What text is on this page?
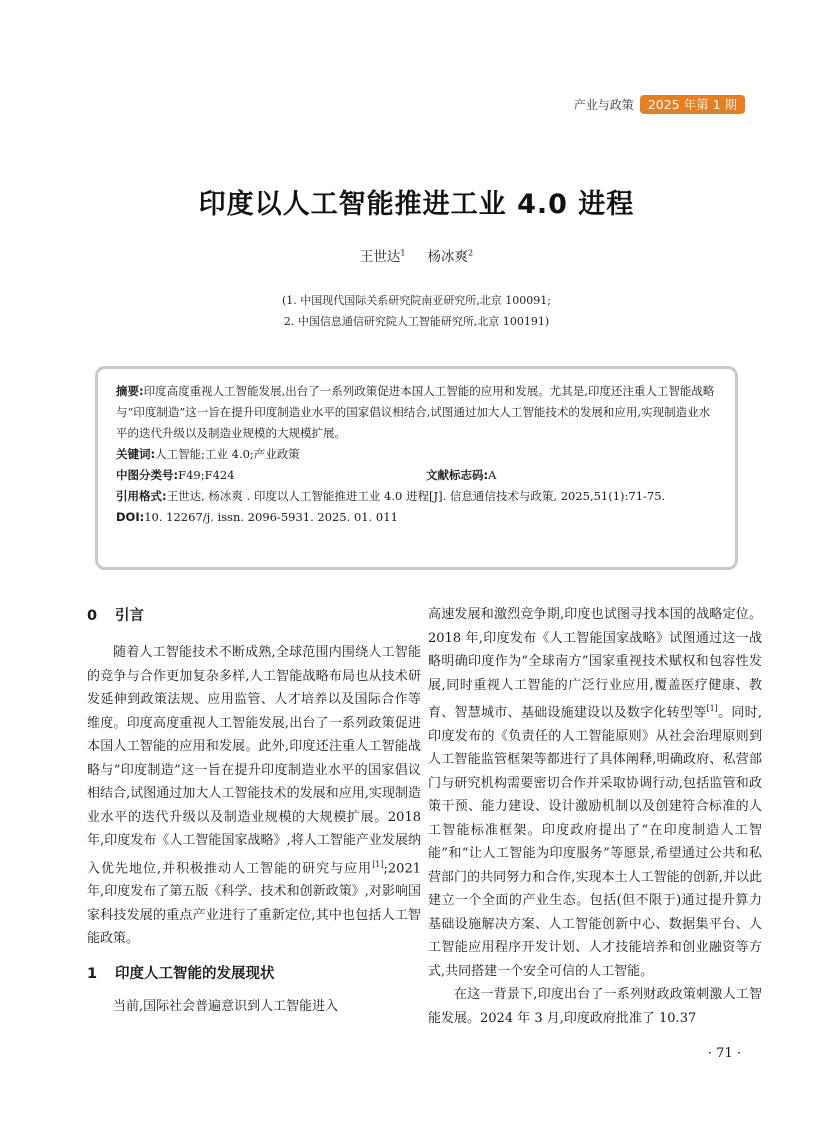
产业与政策	2025 年第 1 期
印度以人工智能推进工业 4.0 进程
王世达$^1$ 杨冰爽$^2$
(1. 中国现代国际关系研究院南亚研究所,北京 100091;
2. 中国信息通信研究院人工智能研究所,北京 100191)

摘要:印度高度重视人工智能发展,出台了一系列政策促进本国人工智能的应用和发展。尤其是,印度还注重人工智能战略与“印度制造”这一旨在提升印度制造业水平的国家倡议相结合,试图通过加大人工智能技术的发展和应用,实现制造业水平的迭代升级以及制造业规模的大规模扩展。

关键词:人工智能;工业 4.0;产业政策

中图分类号:F49;F424	文献标志码:A

引用格式:王世达, 杨冰爽 . 印度以人工智能推进工业 4.0 进程[J]. 信息通信技术与政策, 2025,51(1):71-75.

DOI:10. 12267/j. issn. 2096-5931. 2025. 01. 011

0 引言

随着人工智能技术不断成熟,全球范围内围绕人工智能的竞争与合作更加复杂多样,人工智能战略布局也从技术研发延伸到政策法规、应用监管、人才培养以及国际合作等维度。印度高度重视人工智能发展,出台了一系列政策促进本国人工智能的应用和发展。此外,印度还注重人工智能战略与“印度制造”这一旨在提升印度制造业水平的国家倡议相结合,试图通过加大人工智能技术的发展和应用,实现制造业水平的迭代升级以及制造业规模的大规模扩展。2018 年,印度发布《人工智能国家战略》,将人工智能产业发展纳入优先地位,并积极推动人工智能的研究与应用[1];2021 年,印度发布了第五版《科学、技术和创新政策》,对影响国家科技发展的重点产业进行了重新定位,其中也包括人工智能政策。

1 印度人工智能的发展现状

当前,国际社会普遍意识到人工智能进入

高速发展和激烈竞争期,印度也试图寻找本国的战略定位。2018 年,印度发布《人工智能国家战略》试图通过这一战略明确印度作为“全球南方”国家重视技术赋权和包容性发展,同时重视人工智能的广泛行业应用,覆盖医疗健康、教育、智慧城市、基础设施建设以及数字化转型等[1]。同时,印度发布的《负责任的人工智能原则》从社会治理原则到人工智能监管框架等都进行了具体阐释,明确政府、私营部门与研究机构需要密切合作并采取协调行动,包括监管和政策干预、能力建设、设计激励机制以及创建符合标准的人工智能标准框架。印度政府提出了“在印度制造人工智能”和“让人工智能为印度服务”等愿景,希望通过公共和私营部门的共同努力和合作,实现本土人工智能的创新,并以此建立一个全面的产业生态。包括(但不限于)通过提升算力基础设施解决方案、人工智能创新中心、数据集平台、人工智能应用程序开发计划、人才技能培养和创业融资等方式,共同搭建一个安全可信的人工智能。

在这一背景下,印度出台了一系列财政政策刺激人工智能发展。2024 年 3 月,印度政府批准了 10.37

· 71 ·
